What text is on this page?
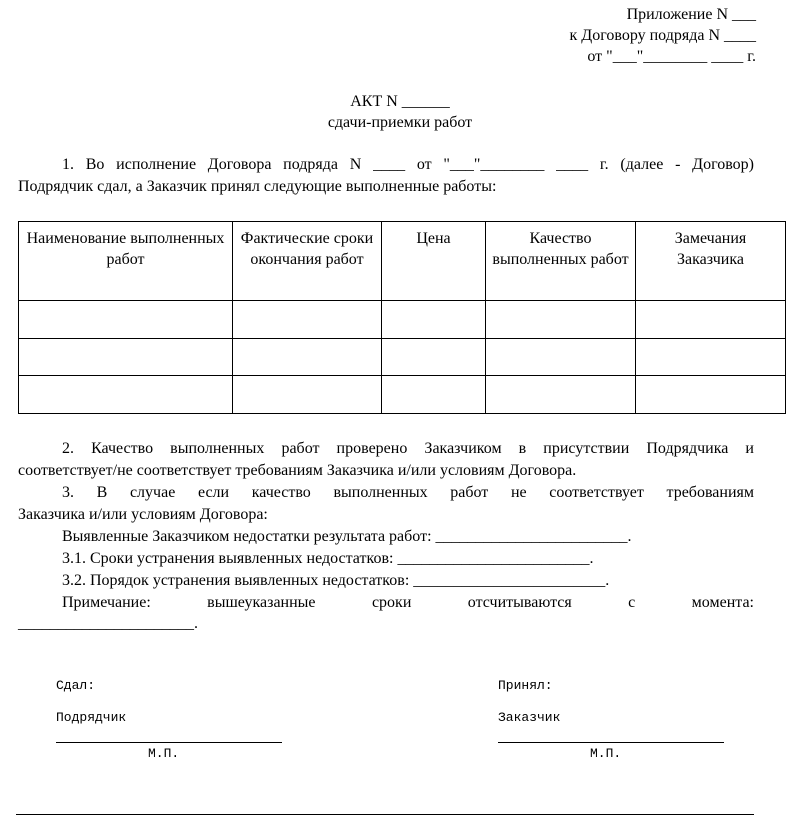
Приложение N ___
к Договору подряда N ____
от "___"________ ____ г.
АКТ N ______
сдачи-приемки работ
1. Во исполнение Договора подряда N ____ от "___"________ ____ г. (далее - Договор)
Подрядчик сдал, а Заказчик принял следующие выполненные работы:
Наименование выполненных работ	Фактические сроки окончания работ	Цена	Качество выполненных работ	Замечания Заказчика

2. Качество выполненных работ проверено Заказчиком в присутствии Подрядчика и
соответствует/не соответствует требованиям Заказчика и/или условиям Договора.
3. В случае если качество выполненных работ не соответствует требованиям
Заказчика и/или условиям Договора:
Выявленные Заказчиком недостатки результата работ: ________________________.
3.1. Сроки устранения выявленных недостатков: ________________________.
3.2. Порядок устранения выявленных недостатков: ________________________.
Примечание: вышеуказанные сроки отсчитываются с момента:
______________________.
Сдал:
Подрядчик
М.П.
Принял:
Заказчик
М.П.
